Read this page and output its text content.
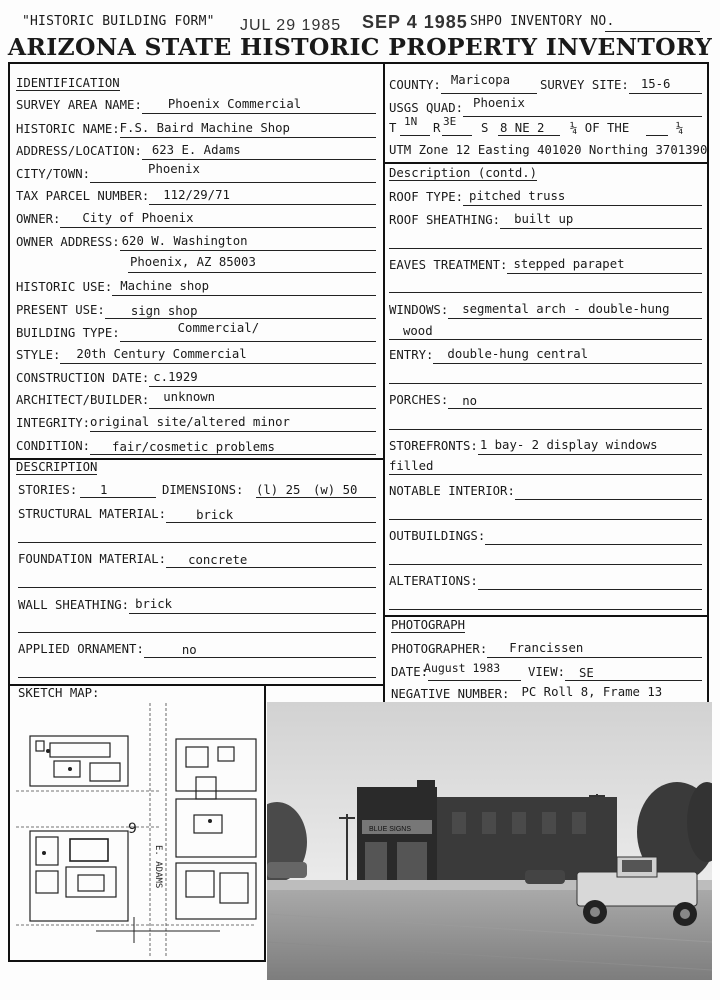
"HISTORIC BUILDING FORM" JUL 29 1985 SEP 4 1985 SHPO INVENTORY NO.
ARIZONA STATE HISTORIC PROPERTY INVENTORY
IDENTIFICATION
SURVEY AREA NAME: Phoenix Commercial
HISTORIC NAME: F.S. Baird Machine Shop
ADDRESS/LOCATION: 623 E. Adams
CITY/TOWN:	Phoenix
TAX PARCEL NUMBER: 112/29/71
OWNER: City of Phoenix
OWNER ADDRESS: 620 W. Washington
Phoenix, AZ 85003
HISTORIC USE: Machine shop
PRESENT USE: sign shop
BUILDING TYPE:	Commercial/
STYLE: 20th Century Commercial
CONSTRUCTION DATE: c.1929
ARCHITECT/BUILDER: unknown
INTEGRITY: original site/altered minor
CONDITION: fair/cosmetic problems
COUNTY: Maricopa SURVEY SITE: 15-6
USGS QUAD: Phoenix
T 1N R 3E S 8 NE 2 ¼ OF THE	¼
UTM Zone 12 Easting 401020 Northing 3701390
Description (contd.)
ROOF TYPE: pitched truss
ROOF SHEATHING: built up
EAVES TREATMENT: stepped parapet
WINDOWS: segmental arch - double-hung
wood
ENTRY: double-hung central
PORCHES: no
STOREFRONTS: 1 bay- 2 display windows
filled
NOTABLE INTERIOR:
OUTBUILDINGS:
ALTERATIONS:
DESCRIPTION
STORIES: 1	DIMENSIONS: (l) 25 (w) 50
STRUCTURAL MATERIAL: brick
FOUNDATION MATERIAL: concrete
WALL SHEATHING: brick
APPLIED ORNAMENT:	no
PHOTOGRAPH
PHOTOGRAPHER: Francissen
DATE:
August 1983 VIEW: SE
NEGATIVE NUMBER: PC Roll 8, Frame 13
SKETCH MAP:
E. ADAMS
9	BLUE SIGNS
